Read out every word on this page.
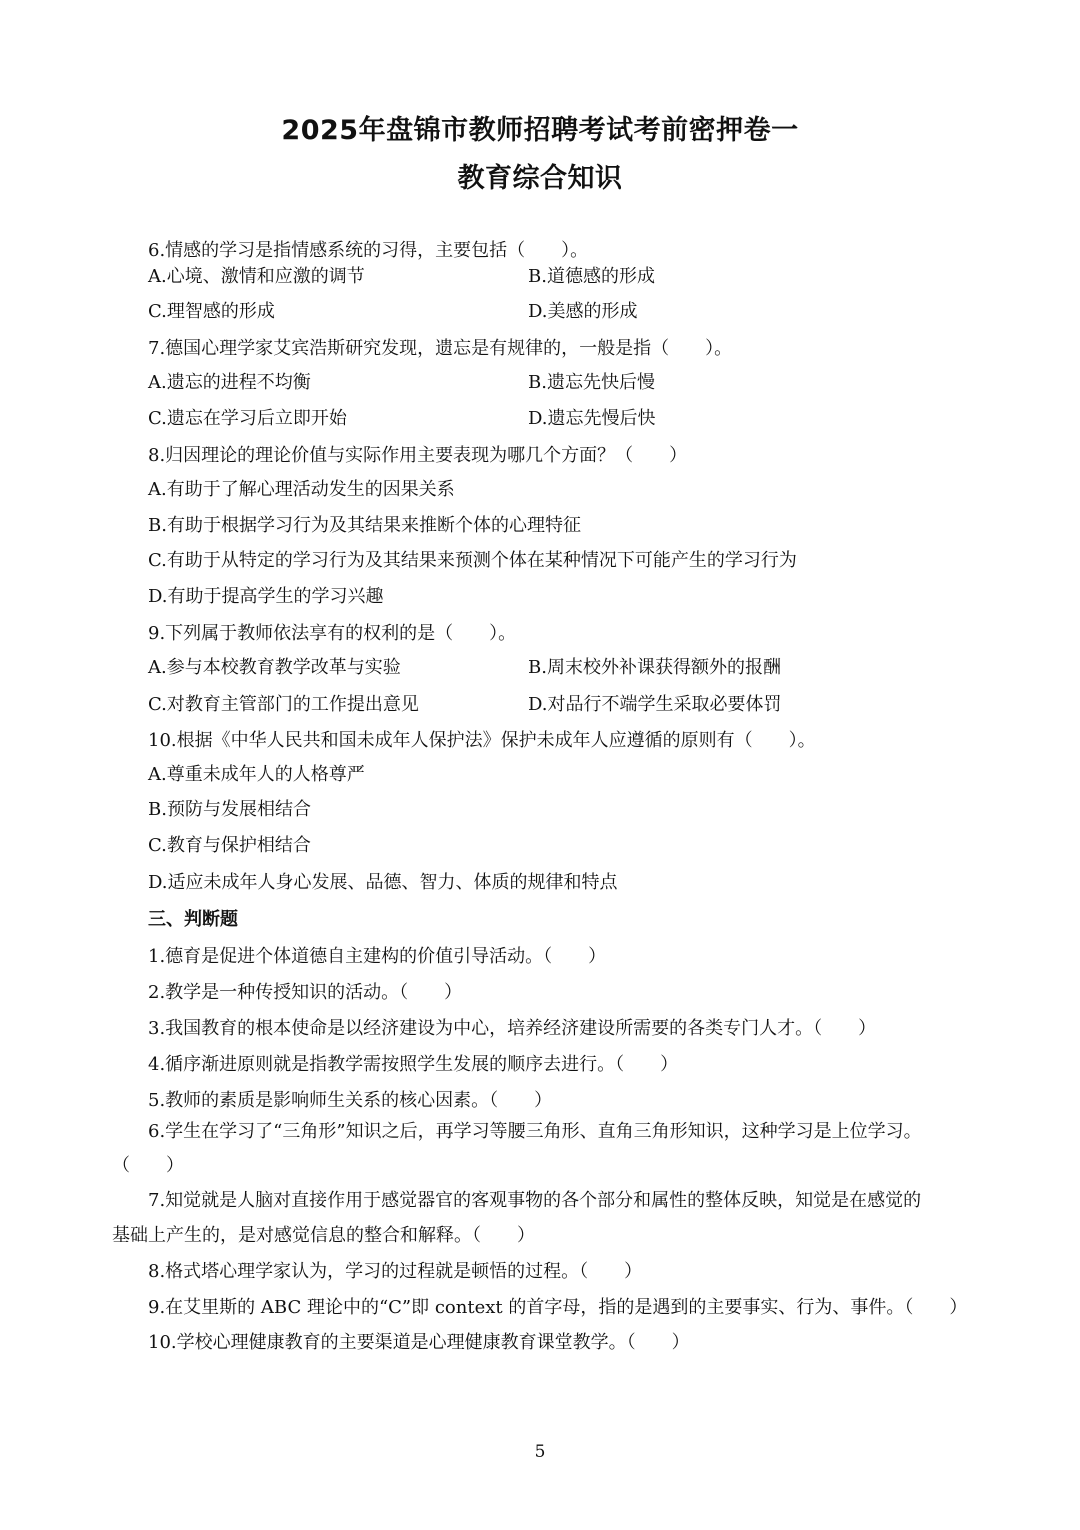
2025年盘锦市教师招聘考试考前密押卷一
教育综合知识
6.情感的学习是指情感系统的习得，主要包括（　　）。
A.心境、激情和应激的调节	B.道德感的形成
C.理智感的形成	D.美感的形成
7.德国心理学家艾宾浩斯研究发现，遗忘是有规律的，一般是指（　　）。
A.遗忘的进程不均衡	B.遗忘先快后慢
C.遗忘在学习后立即开始	D.遗忘先慢后快
8.归因理论的理论价值与实际作用主要表现为哪几个方面？（　　）
A.有助于了解心理活动发生的因果关系
B.有助于根据学习行为及其结果来推断个体的心理特征
C.有助于从特定的学习行为及其结果来预测个体在某种情况下可能产生的学习行为
D.有助于提高学生的学习兴趣
9.下列属于教师依法享有的权利的是（　　）。
A.参与本校教育教学改革与实验	B.周末校外补课获得额外的报酬
C.对教育主管部门的工作提出意见	D.对品行不端学生采取必要体罚
10.根据《中华人民共和国未成年人保护法》保护未成年人应遵循的原则有（　　）。
A.尊重未成年人的人格尊严
B.预防与发展相结合
C.教育与保护相结合
D.适应未成年人身心发展、品德、智力、体质的规律和特点
三、判断题
1.德育是促进个体道德自主建构的价值引导活动。（　　）
2.教学是一种传授知识的活动。（　　）
3.我国教育的根本使命是以经济建设为中心，培养经济建设所需要的各类专门人才。（　　）
4.循序渐进原则就是指教学需按照学生发展的顺序去进行。（　　）
5.教师的素质是影响师生关系的核心因素。（　　）
6.学生在学习了“三角形”知识之后，再学习等腰三角形、直角三角形知识，这种学习是上位学习。
（　　）
7.知觉就是人脑对直接作用于感觉器官的客观事物的各个部分和属性的整体反映，知觉是在感觉的
基础上产生的，是对感觉信息的整合和解释。（　　）
8.格式塔心理学家认为，学习的过程就是顿悟的过程。（　　）
9.在艾里斯的 ABC 理论中的“C”即 context 的首字母，指的是遇到的主要事实、行为、事件。（　　）
10.学校心理健康教育的主要渠道是心理健康教育课堂教学。（　　）
5
